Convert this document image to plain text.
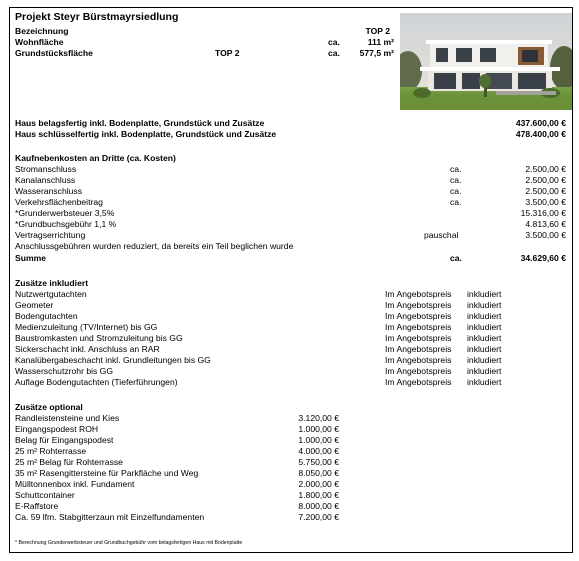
Projekt Steyr Bürstmayrsiedlung
Bezeichnung	TOP 2
Wohnfläche	ca.	111 m²
Grundstücksfläche	TOP 2	ca.	577,5 m²
Haus belagsfertig inkl. Bodenplatte, Grundstück und Zusätze	437.600,00 €
Haus schlüsselfertig inkl. Bodenplatte, Grundstück und Zusätze	478.400,00 €
Kaufnebenkosten an Dritte (ca. Kosten)
Stromanschluss	ca.	2.500,00 €
Kanalanschluss	ca.	2.500,00 €
Wasseranschluss	ca.	2.500,00 €
Verkehrsflächenbeitrag	ca.	3.500,00 €
*Grunderwerbsteuer 3,5%	15.316,00 €
*Grundbuchsgebühr 1,1 %	4.813,60 €
Vertragserrichtung	pauschal	3.500,00 €
Anschlussgebühren wurden reduziert, da bereits ein Teil beglichen wurde
Summe	ca.	34.629,60 €
Zusätze inkludiert
Nutzwertgutachten	Im Angebotspreis inkludiert
Geometer	Im Angebotspreis inkludiert
Bodengutachten	Im Angebotspreis inkludiert
Medienzuleitung (TV/Internet) bis GG	Im Angebotspreis inkludiert
Baustromkasten und Stromzuleitung bis GG	Im Angebotspreis inkludiert
Sickerschacht inkl. Anschluss an RAR	Im Angebotspreis inkludiert
Kanalübergabeschacht inkl. Grundleitungen bis GG	Im Angebotspreis inkludiert
Wasserschutzrohr bis GG	Im Angebotspreis inkludiert
Auflage Bodengutachten (Tieferführungen)	Im Angebotspreis inkludiert
Zusätze optional
Randleistensteine und Kies	3.120,00 €
Eingangspodest ROH	1.000,00 €
Belag für Eingangspodest	1.000,00 €
25 m² Rohterrasse	4.000,00 €
25 m² Belag für Rohterrasse	5.750,00 €
35 m² Rasengittersteine für Parkfläche und Weg	8.050,00 €
Mülltonnenbox inkl. Fundament	2.000,00 €
Schuttcontainer	1.800,00 €
E-Raffstore	8.000,00 €
Ca. 59 lfm. Stabgitterzaun mit Einzelfundamenten	7.200,00 €
* Berechnung Grunderwerbsteuer und Grundbuchgebühr vom belagsfertigen Haus mit Bodenplatte
